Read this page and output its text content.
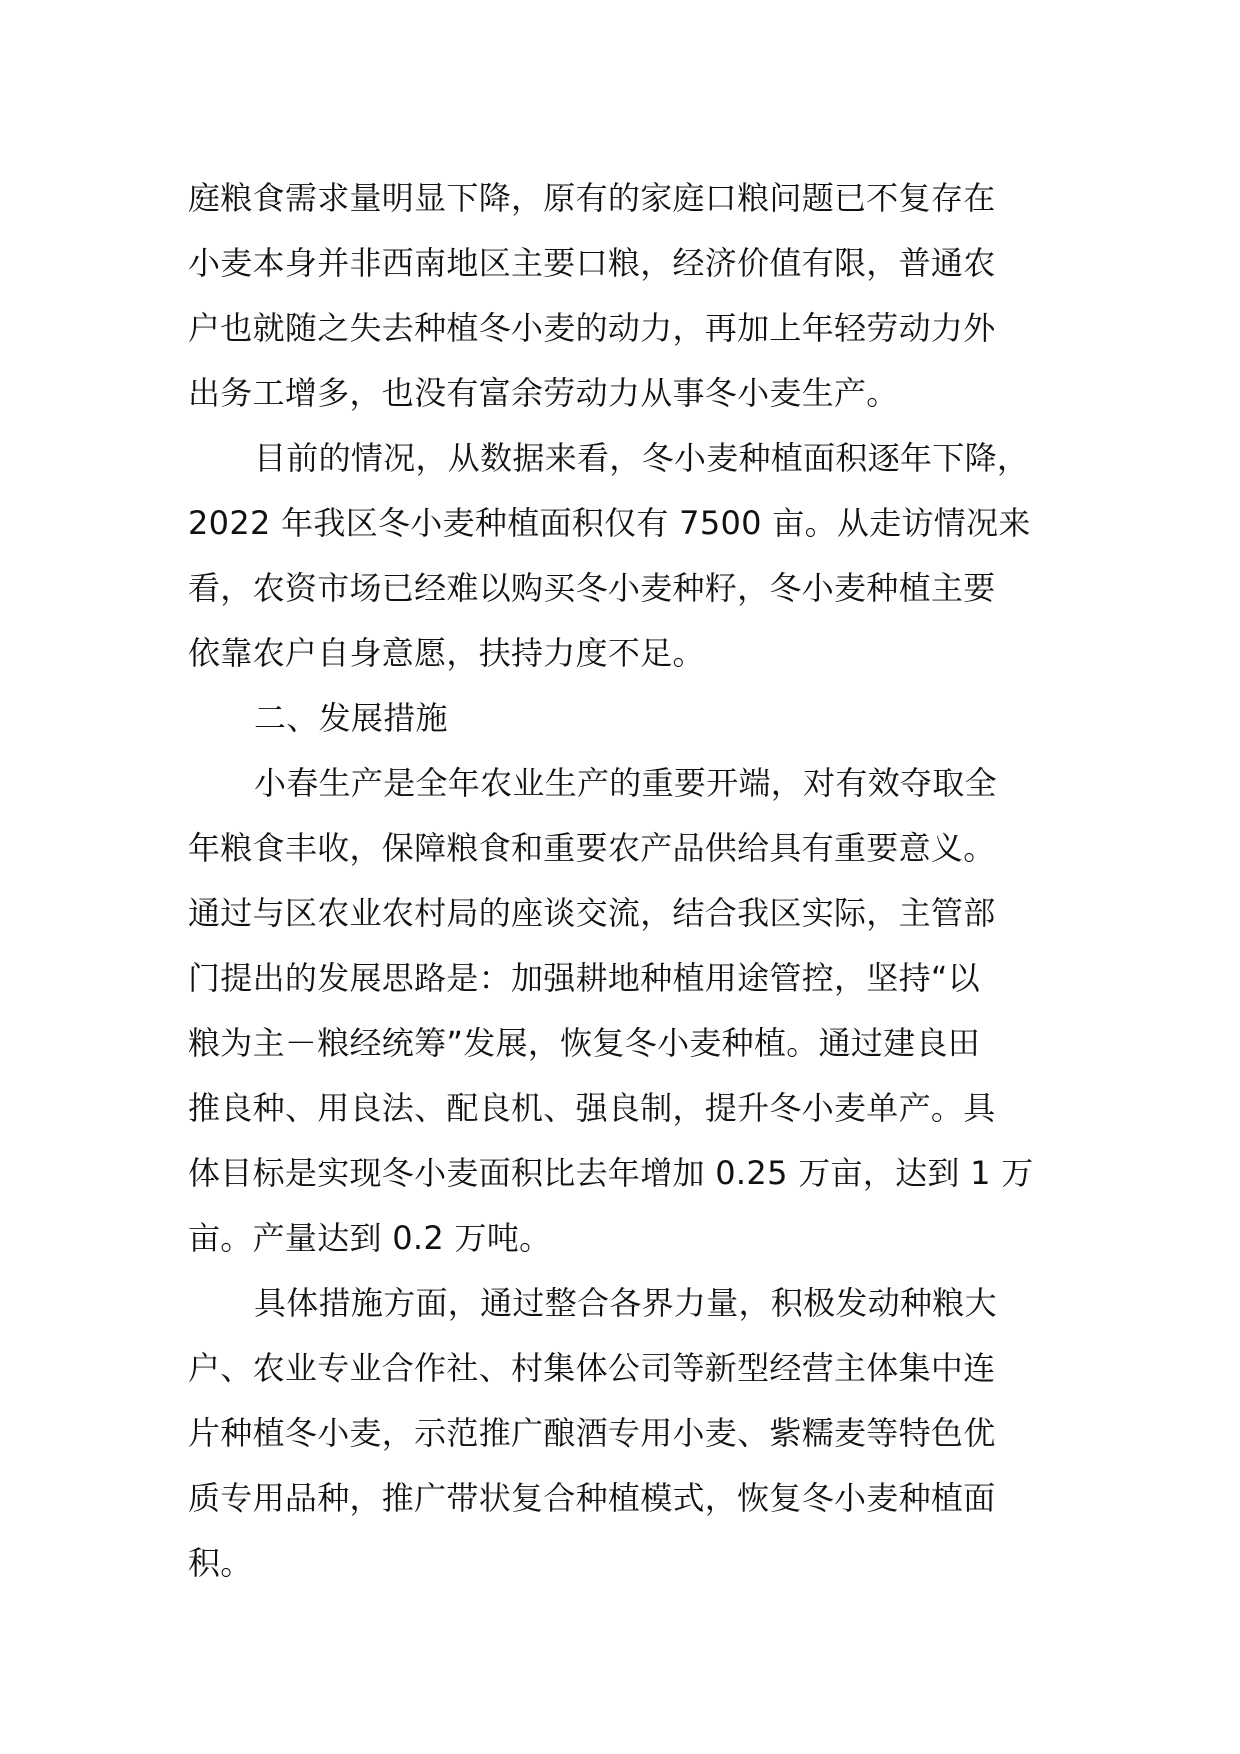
庭粮食需求量明显下降，原有的家庭口粮问题已不复存在
小麦本身并非西南地区主要口粮，经济价值有限，普通农
户也就随之失去种植冬小麦的动力，再加上年轻劳动力外
出务工增多，也没有富余劳动力从事冬小麦生产。
目前的情况，从数据来看，冬小麦种植面积逐年下降，
2022 年我区冬小麦种植面积仅有 7500 亩。从走访情况来
看，农资市场已经难以购买冬小麦种籽，冬小麦种植主要
依靠农户自身意愿，扶持力度不足。
二、发展措施
小春生产是全年农业生产的重要开端，对有效夺取全
年粮食丰收，保障粮食和重要农产品供给具有重要意义。
通过与区农业农村局的座谈交流，结合我区实际，主管部
门提出的发展思路是：加强耕地种植用途管控，坚持“以
粮为主－粮经统筹”发展，恢复冬小麦种植。通过建良田
推良种、用良法、配良机、强良制，提升冬小麦单产。具
体目标是实现冬小麦面积比去年增加 0.25 万亩，达到 1 万
亩。产量达到 0.2 万吨。
具体措施方面，通过整合各界力量，积极发动种粮大
户、农业专业合作社、村集体公司等新型经营主体集中连
片种植冬小麦，示范推广酿酒专用小麦、紫糯麦等特色优
质专用品种，推广带状复合种植模式，恢复冬小麦种植面
积。
